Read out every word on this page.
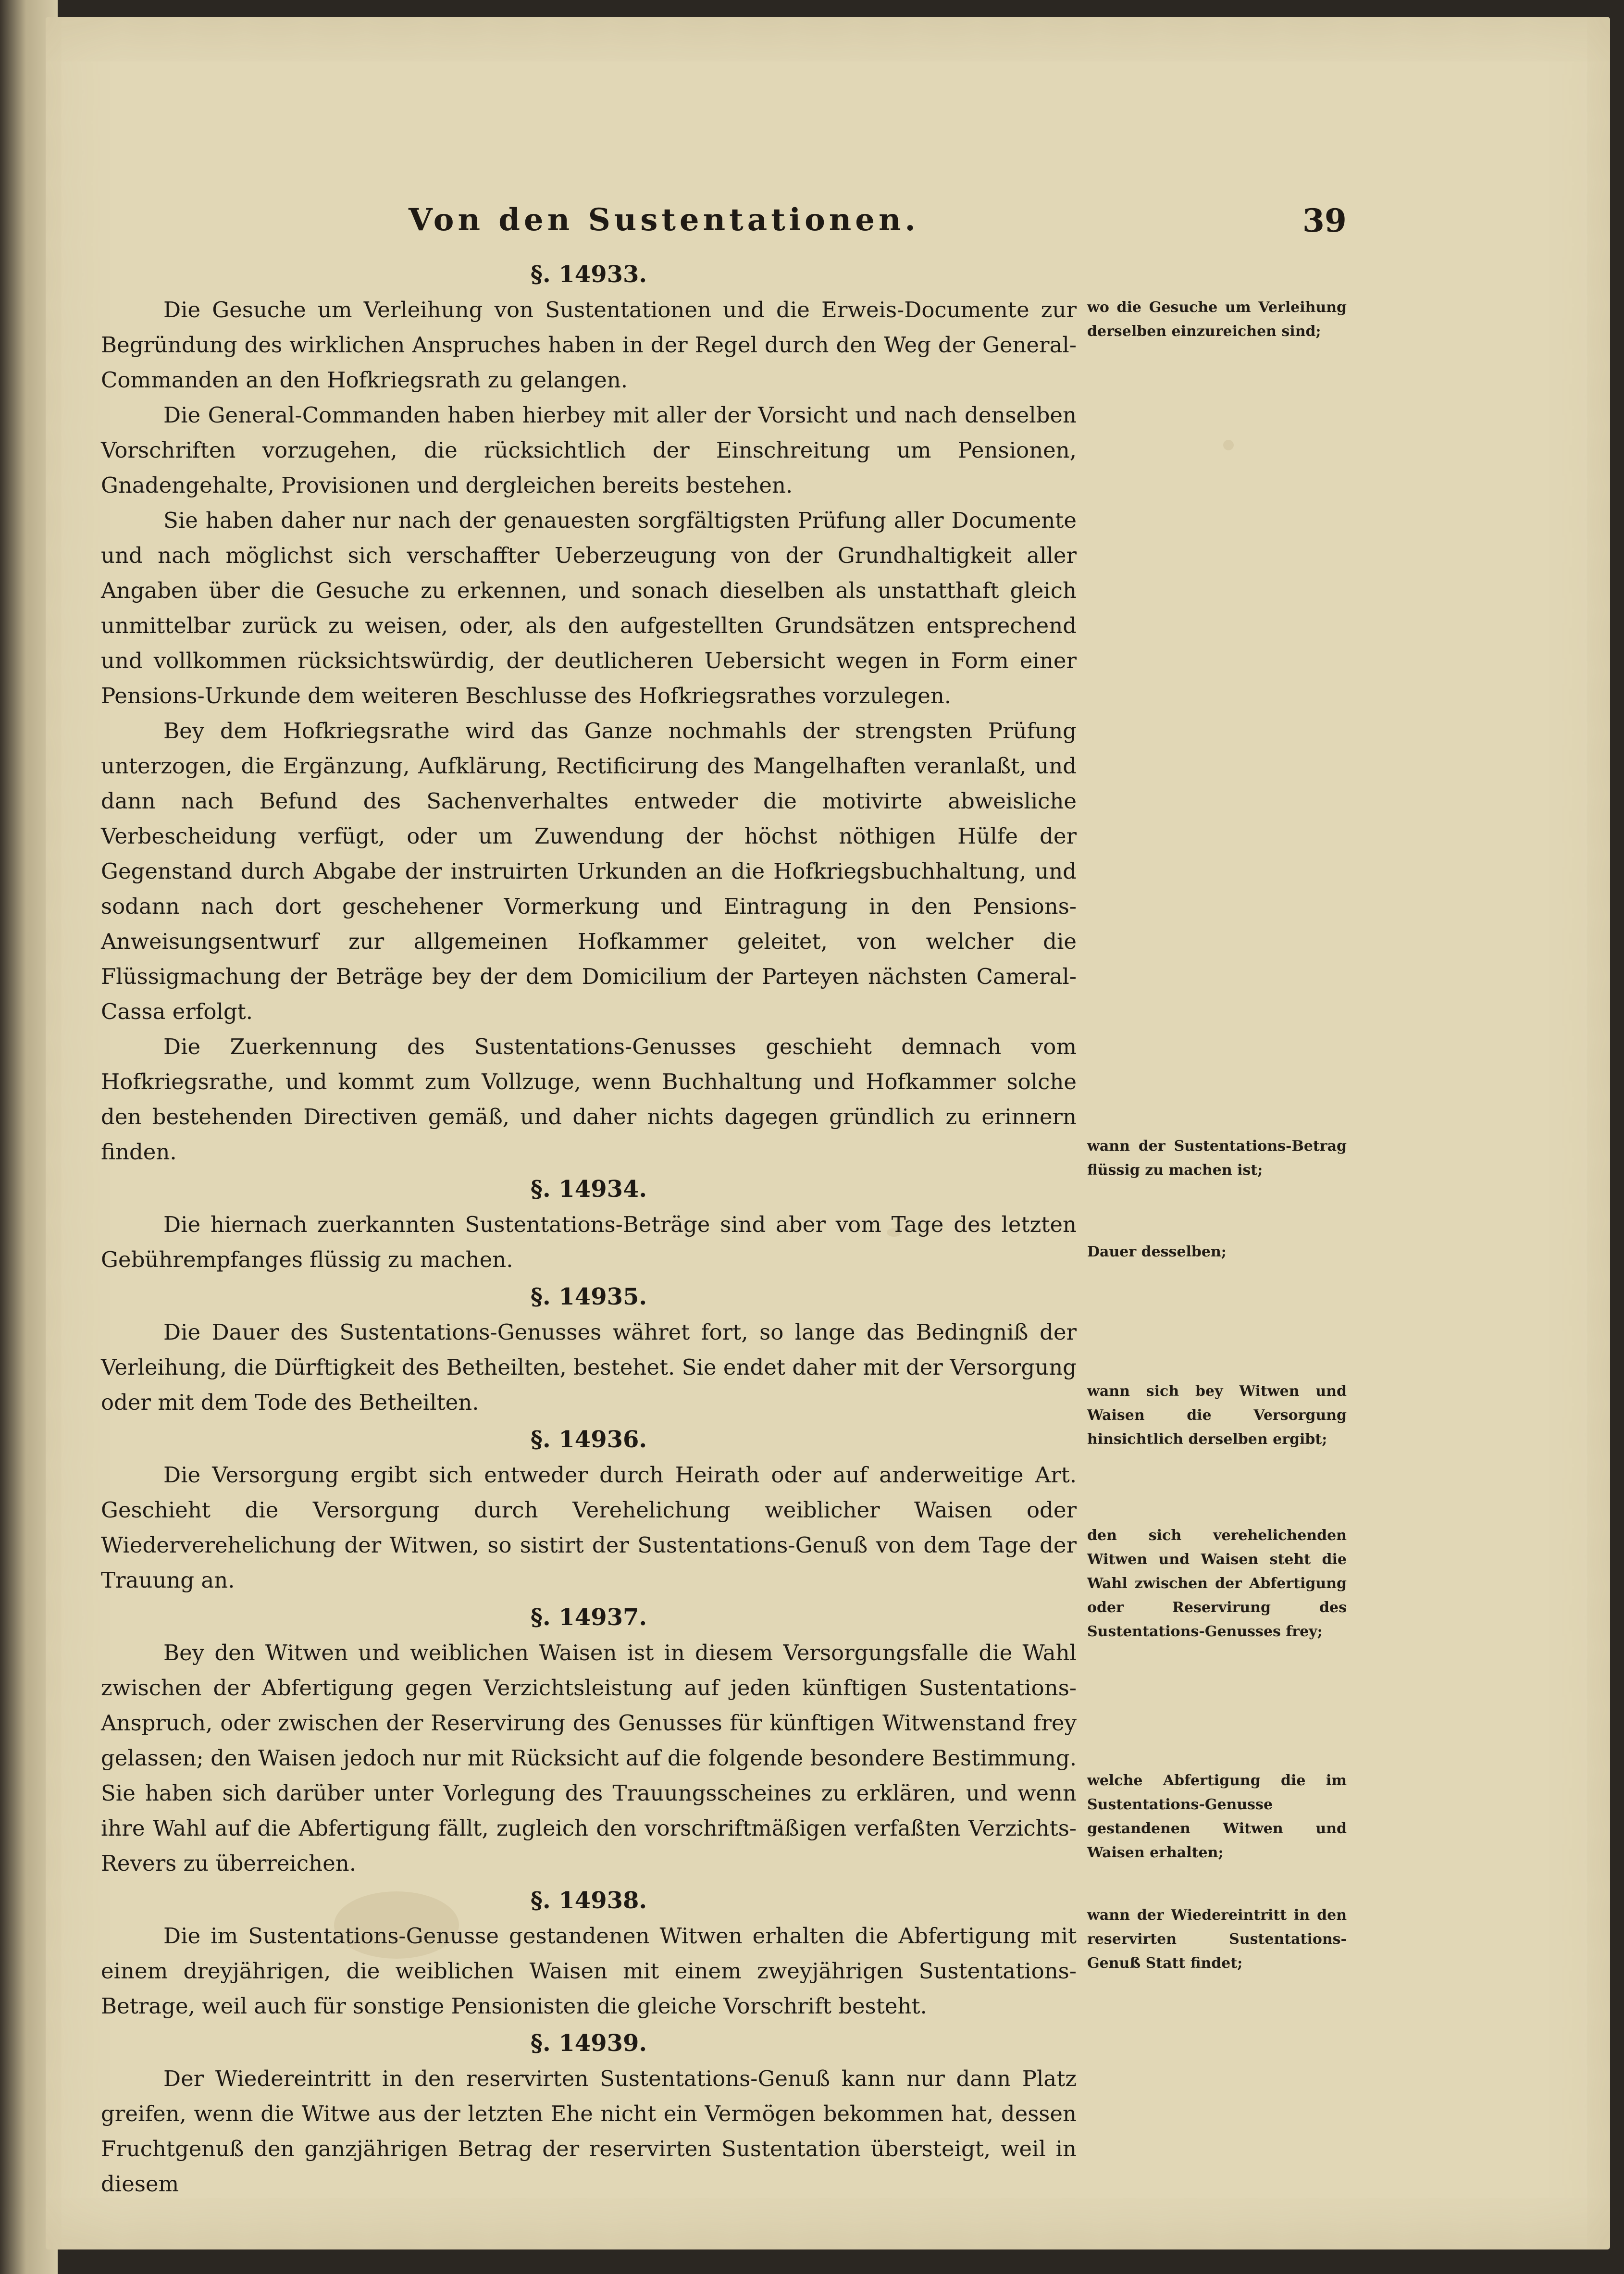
Von den Sustentationen.	39
§. 14933.

Die Gesuche um Verleihung von Sustentationen und die Erweis-Documente zur Begründung des wirklichen Anspruches haben in der Regel durch den Weg der General-Commanden an den Hofkriegsrath zu gelangen.

Die General-Commanden haben hierbey mit aller der Vorsicht und nach denselben Vorschriften vorzugehen, die rücksichtlich der Einschreitung um Pensionen, Gnadengehalte, Provisionen und dergleichen bereits bestehen.

Sie haben daher nur nach der genauesten sorgfältigsten Prüfung aller Documente und nach möglichst sich verschaffter Ueberzeugung von der Grundhaltigkeit aller Angaben über die Gesuche zu erkennen, und sonach dieselben als unstatthaft gleich unmittelbar zurück zu weisen, oder, als den aufgestellten Grundsätzen entsprechend und vollkommen rücksichtswürdig, der deutlicheren Uebersicht wegen in Form einer Pensions-Urkunde dem weiteren Beschlusse des Hofkriegsrathes vorzulegen.

Bey dem Hofkriegsrathe wird das Ganze nochmahls der strengsten Prüfung unterzogen, die Ergänzung, Aufklärung, Rectificirung des Mangelhaften veranlaßt, und dann nach Befund des Sachenverhaltes entweder die motivirte abweisliche Verbescheidung verfügt, oder um Zuwendung der höchst nöthigen Hülfe der Gegenstand durch Abgabe der instruirten Urkunden an die Hofkriegsbuchhaltung, und sodann nach dort geschehener Vormerkung und Eintragung in den Pensions-Anweisungsentwurf zur allgemeinen Hofkammer geleitet, von welcher die Flüssigmachung der Beträge bey der dem Domicilium der Parteyen nächsten Cameral-Cassa erfolgt.

Die Zuerkennung des Sustentations-Genusses geschieht demnach vom Hofkriegsrathe, und kommt zum Vollzuge, wenn Buchhaltung und Hofkammer solche den bestehenden Directiven gemäß, und daher nichts dagegen gründlich zu erinnern finden.

§. 14934.

Die hiernach zuerkannten Sustentations-Beträge sind aber vom Tage des letzten Gebührempfanges flüssig zu machen.

§. 14935.

Die Dauer des Sustentations-Genusses währet fort, so lange das Bedingniß der Verleihung, die Dürftigkeit des Betheilten, bestehet. Sie endet daher mit der Versorgung oder mit dem Tode des Betheilten.

§. 14936.

Die Versorgung ergibt sich entweder durch Heirath oder auf anderweitige Art. Geschieht die Versorgung durch Verehelichung weiblicher Waisen oder Wiederverehelichung der Witwen, so sistirt der Sustentations-Genuß von dem Tage der Trauung an.

§. 14937.

Bey den Witwen und weiblichen Waisen ist in diesem Versorgungsfalle die Wahl zwischen der Abfertigung gegen Verzichtsleistung auf jeden künftigen Sustentations-Anspruch, oder zwischen der Reservirung des Genusses für künftigen Witwenstand frey gelassen; den Waisen jedoch nur mit Rücksicht auf die folgende besondere Bestimmung. Sie haben sich darüber unter Vorlegung des Trauungsscheines zu erklären, und wenn ihre Wahl auf die Abfertigung fällt, zugleich den vorschriftmäßigen verfaßten Verzichts-Revers zu überreichen.

§. 14938.

Die im Sustentations-Genusse gestandenen Witwen erhalten die Abfertigung mit einem dreyjährigen, die weiblichen Waisen mit einem zweyjährigen Sustentations-Betrage, weil auch für sonstige Pensionisten die gleiche Vorschrift besteht.

§. 14939.

Der Wiedereintritt in den reservirten Sustentations-Genuß kann nur dann Platz greifen, wenn die Witwe aus der letzten Ehe nicht ein Vermögen bekommen hat, dessen Fruchtgenuß den ganzjährigen Betrag der reservirten Sustentation übersteigt, weil in diesem

wo die Gesuche um Verleihung derselben einzureichen sind;
wann der Sustentations-Betrag flüssig zu machen ist;
Dauer desselben;
wann sich bey Witwen und Waisen die Versorgung hinsichtlich derselben ergibt;
den sich verehelichenden Witwen und Waisen steht die Wahl zwischen der Abfertigung oder Reservirung des Sustentations-Genusses frey;
welche Abfertigung die im Sustentations-Genusse gestandenen Witwen und Waisen erhalten;
wann der Wiedereintritt in den reservirten Sustentations-Genuß Statt findet;
